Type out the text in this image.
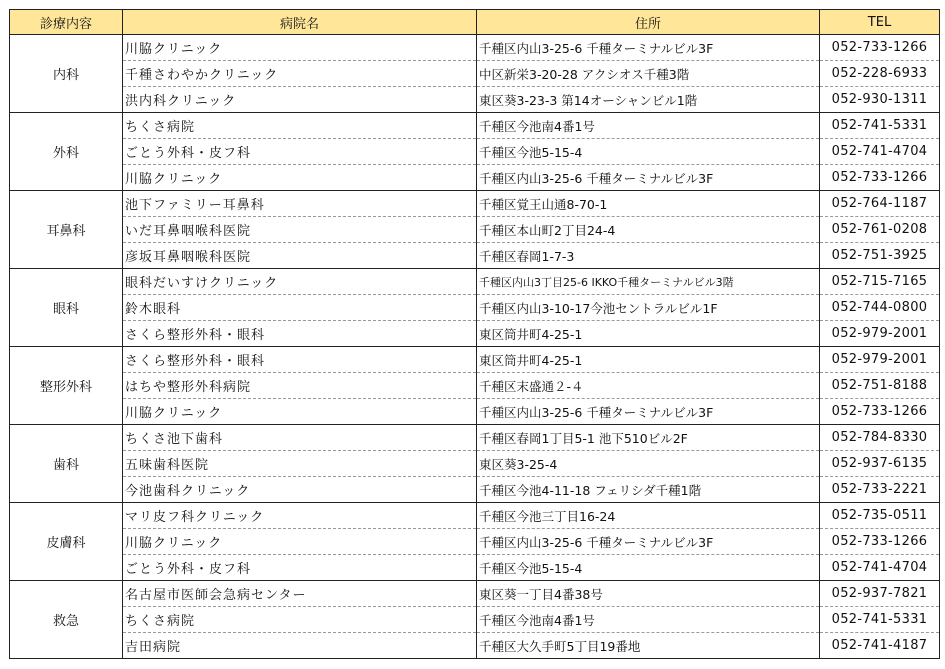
診療内容	病院名	住所	TEL
内科	川脇クリニック	千種区内山3-25-6 千種ターミナルビル3F	052-733-1266
	千種さわやかクリニック	中区新栄3-20-28 アクシオス千種3階	052-228-6933
	洪内科クリニック	東区葵3-23-3 第14オーシャンビル1階	052-930-1311
外科	ちくさ病院	千種区今池南4番1号	052-741-5331
	ごとう外科・皮フ科	千種区今池5-15-4	052-741-4704
	川脇クリニック	千種区内山3-25-6 千種ターミナルビル3F	052-733-1266
耳鼻科	池下ファミリー耳鼻科	千種区覚王山通8-70-1	052-764-1187
	いだ耳鼻咽喉科医院	千種区本山町2丁目24-4	052-761-0208
	彦坂耳鼻咽喉科医院	千種区春岡1-7-3	052-751-3925
眼科	眼科だいすけクリニック	千種区内山3丁目25-6 IKKO千種ターミナルビル3階	052-715-7165
	鈴木眼科	千種区内山3-10-17今池セントラルビル1F	052-744-0800
	さくら整形外科・眼科	東区筒井町4-25-1	052-979-2001
整形外科	さくら整形外科・眼科	東区筒井町4-25-1	052-979-2001
	はちや整形外科病院	千種区末盛通２-４	052-751-8188
	川脇クリニック	千種区内山3-25-6 千種ターミナルビル3F	052-733-1266
歯科	ちくさ池下歯科	千種区春岡1丁目5-1 池下510ビル2F	052-784-8330
	五味歯科医院	東区葵3-25-4	052-937-6135
	今池歯科クリニック	千種区今池4-11-18 フェリシダ千種1階	052-733-2221
皮膚科	マリ皮フ科クリニック	千種区今池三丁目16-24	052-735-0511
	川脇クリニック	千種区内山3-25-6 千種ターミナルビル3F	052-733-1266
	ごとう外科・皮フ科	千種区今池5-15-4	052-741-4704
救急	名古屋市医師会急病センター	東区葵一丁目4番38号	052-937-7821
	ちくさ病院	千種区今池南4番1号	052-741-5331
	吉田病院	千種区大久手町5丁目19番地	052-741-4187
